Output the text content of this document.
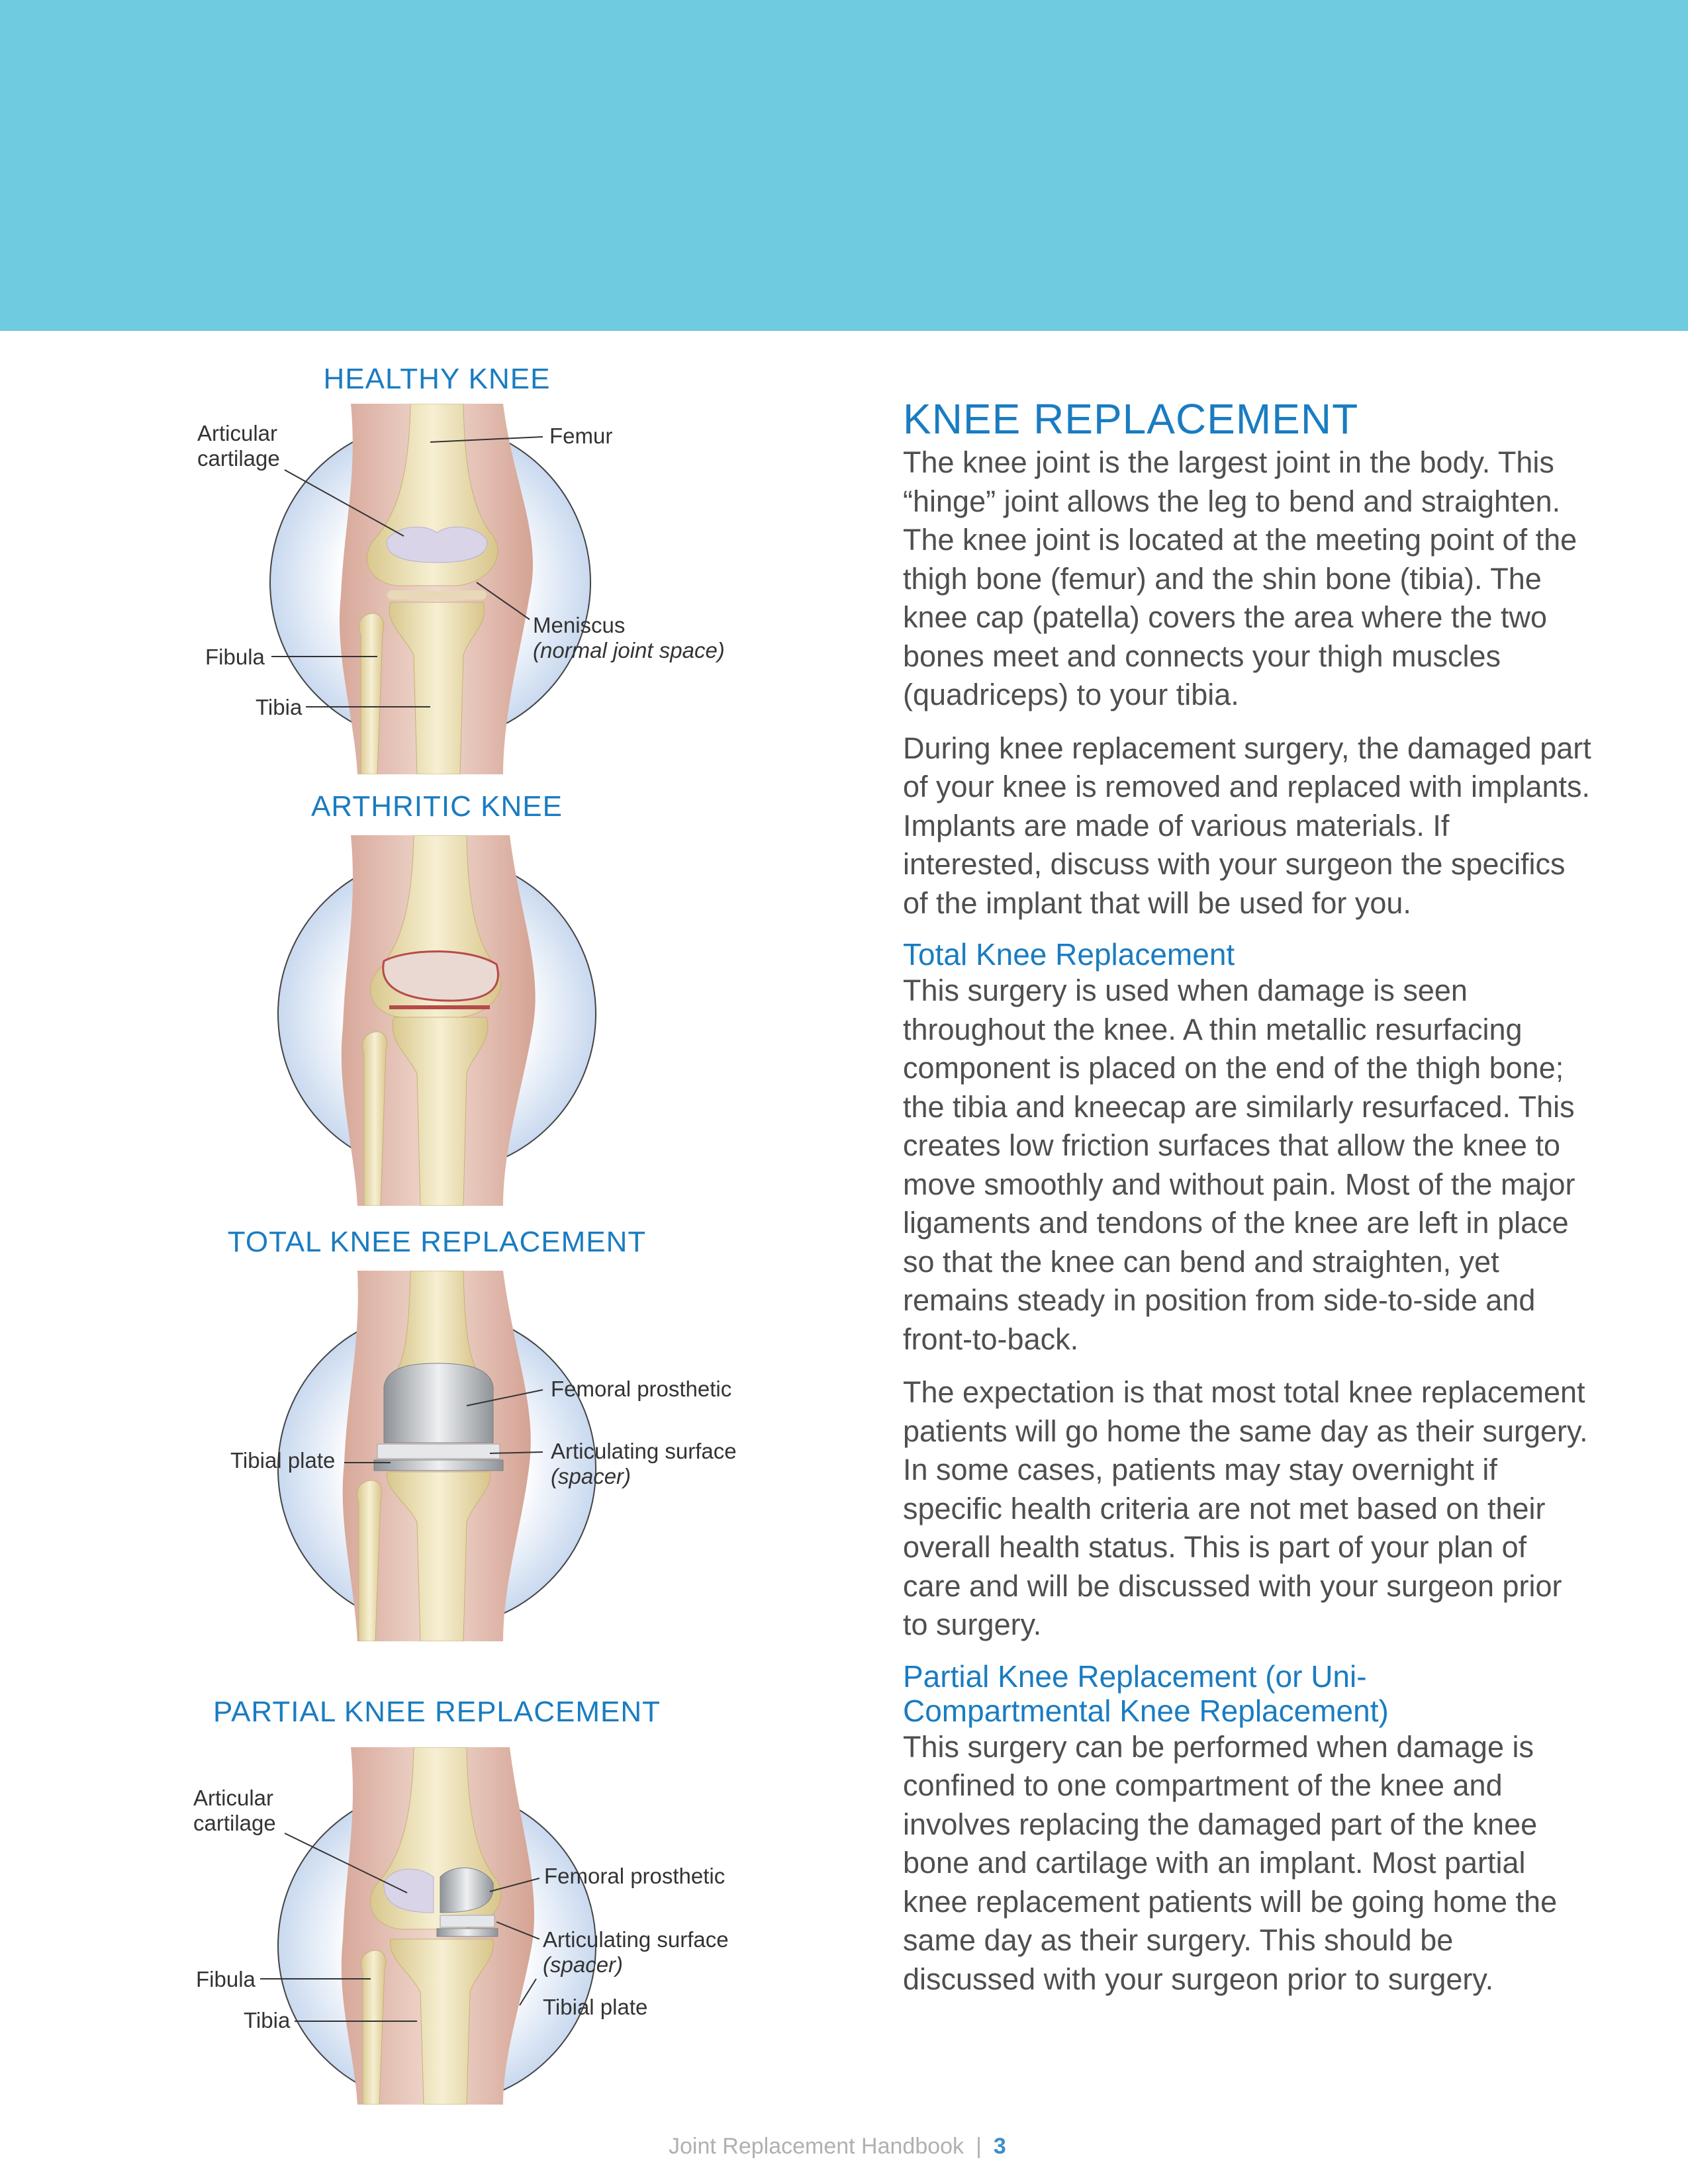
HEALTHY KNEE

Articular cartilage

Femur

Meniscus
(normal joint space)

Fibula

Tibia

ARTHRITIC KNEE
TOTAL KNEE REPLACEMENT

Femoral prosthetic

Articulating surface
(spacer)

Tibial plate

PARTIAL KNEE REPLACEMENT

Articular cartilage

Femoral prosthetic

Articulating surface
(spacer)

Fibula

Tibia

Tibial plate

KNEE REPLACEMENT

The knee joint is the largest joint in the body. This “hinge” joint allows the leg to bend and straighten. The knee joint is located at the meeting point of the thigh bone (femur) and the shin bone (tibia). The knee cap (patella) covers the area where the two bones meet and connects your thigh muscles (quadriceps) to your tibia.

During knee replacement surgery, the damaged part of your knee is removed and replaced with implants. Implants are made of various materials. If interested, discuss with your surgeon the specifics of the implant that will be used for you.

Total Knee Replacement

This surgery is used when damage is seen throughout the knee. A thin metallic resurfacing component is placed on the end of the thigh bone; the tibia and kneecap are similarly resurfaced. This creates low friction surfaces that allow the knee to move smoothly and without pain. Most of the major ligaments and tendons of the knee are left in place so that the knee can bend and straighten, yet remains steady in position from side-to-side and front-to-back.

The expectation is that most total knee replacement patients will go home the same day as their surgery. In some cases, patients may stay overnight if specific health criteria are not met based on their overall health status. This is part of your plan of care and will be discussed with your surgeon prior to surgery.

Partial Knee Replacement (or Uni-
Compartmental Knee Replacement)

This surgery can be performed when damage is confined to one compartment of the knee and involves replacing the damaged part of the knee bone and cartilage with an implant. Most partial knee replacement patients will be going home the same day as their surgery. This should be discussed with your surgeon prior to surgery.

Joint Replacement Handbook | 3
